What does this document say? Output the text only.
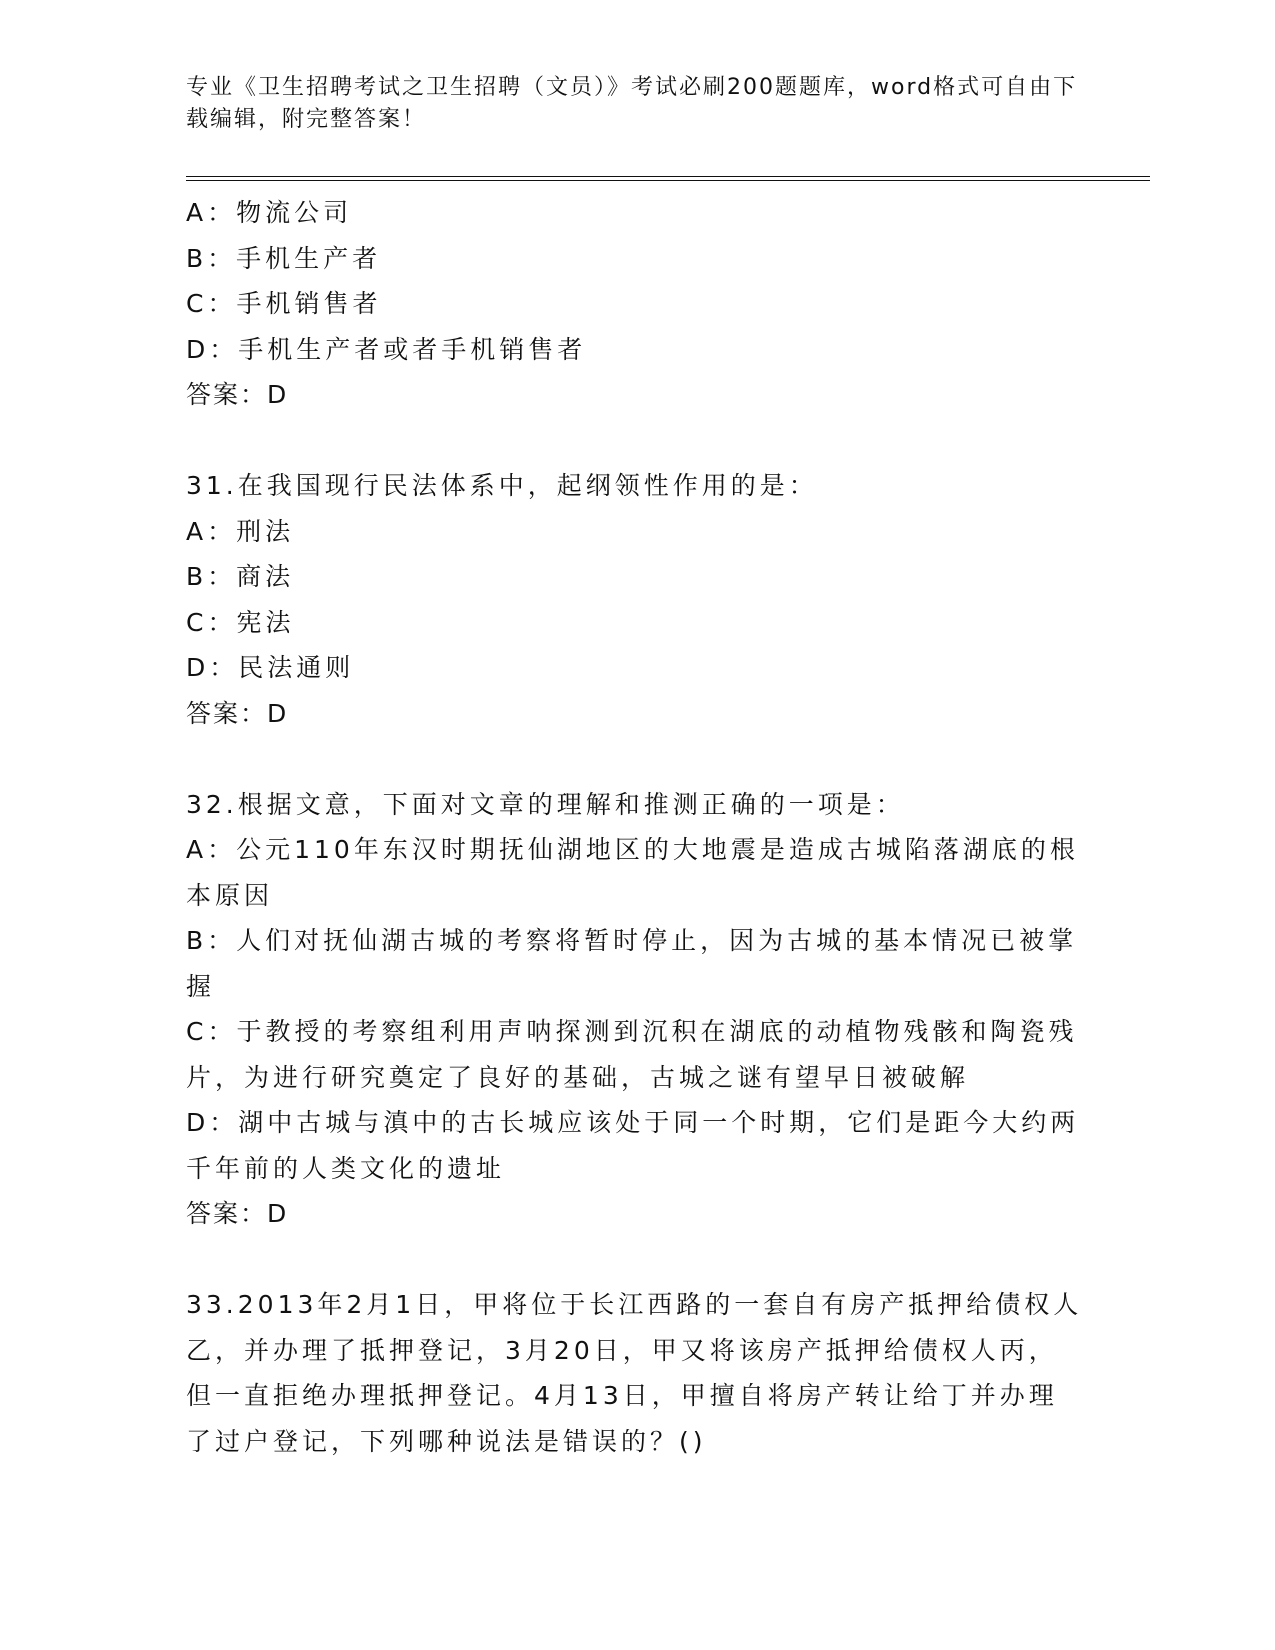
专业《卫生招聘考试之卫生招聘（文员）》考试必刷200题题库，word格式可自由下载编辑，附完整答案！

A：物流公司

B：手机生产者

C：手机销售者

D：手机生产者或者手机销售者

答案：D

31.在我国现行民法体系中，起纲领性作用的是：

A：刑法

B：商法

C：宪法

D：民法通则

答案：D

32.根据文意，下面对文章的理解和推测正确的一项是：

A：公元110年东汉时期抚仙湖地区的大地震是造成古城陷落湖底的根本原因

B：人们对抚仙湖古城的考察将暂时停止，因为古城的基本情况已被掌握

C：于教授的考察组利用声呐探测到沉积在湖底的动植物残骸和陶瓷残片，为进行研究奠定了良好的基础，古城之谜有望早日被破解

D：湖中古城与滇中的古长城应该处于同一个时期，它们是距今大约两千年前的人类文化的遗址

答案：D

33.2013年2月1日，甲将位于长江西路的一套自有房产抵押给债权人乙，并办理了抵押登记，3月20日，甲又将该房产抵押给债权人丙，但一直拒绝办理抵押登记。4月13日，甲擅自将房产转让给丁并办理了过户登记，下列哪种说法是错误的？()
